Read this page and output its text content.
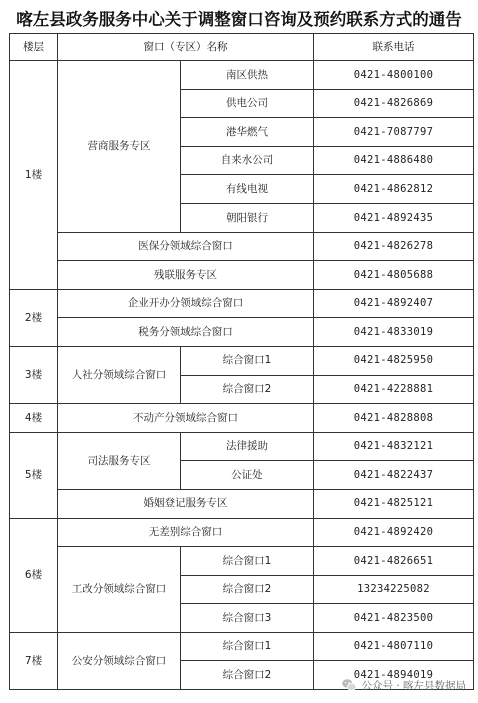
喀左县政务服务中心关于调整窗口咨询及预约联系方式的通告
楼层	窗口（专区）名称		联系电话
1楼	营商服务专区	南区供热	0421-4800100
		供电公司	0421-4826869
		港华燃气	0421-7087797
		自来水公司	0421-4886480
		有线电视	0421-4862812
		朝阳银行	0421-4892435
	医保分领域综合窗口		0421-4826278
	残联服务专区		0421-4805688
2楼	企业开办分领域综合窗口		0421-4892407
	税务分领域综合窗口		0421-4833019
3楼	人社分领域综合窗口	综合窗口1	0421-4825950
		综合窗口2	0421-4228881
4楼	不动产分领域综合窗口		0421-4828808
5楼	司法服务专区	法律援助	0421-4832121
		公证处	0421-4822437
	婚姻登记服务专区		0421-4825121
6楼	无差别综合窗口		0421-4892420
	工改分领域综合窗口	综合窗口1	0421-4826651
		综合窗口2	13234225082
		综合窗口3	0421-4823500
7楼	公安分领域综合窗口	综合窗口1	0421-4807110
		综合窗口2	0421-4894019
公众号 · 喀左县数据局
